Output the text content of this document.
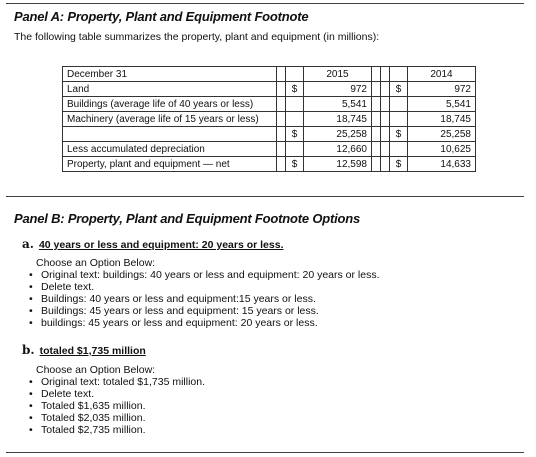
Panel A: Property, Plant and Equipment Footnote
The following table summarizes the property, plant and equipment (in millions):
December 31			2015				2014
Land		$	972			$	972
Buildings (average life of 40 years or less)			5,541				5,541
Machinery (average life of 15 years or less)			18,745				18,745
		$	25,258			$	25,258
Less accumulated depreciation			12,660				10,625
Property, plant and equipment — net		$	12,598			$	14,633
Panel B: Property, Plant and Equipment Footnote Options
a. 40 years or less and equipment: 20 years or less.
Choose an Option Below:
• Original text: buildings: 40 years or less and equipment: 20 years or less.
• Delete text.
• Buildings: 40 years or less and equipment:15 years or less.
• Buildings: 45 years or less and equipment: 15 years or less.
• buildings: 45 years or less and equipment: 20 years or less.
b. totaled $1,735 million
Choose an Option Below:
• Original text: totaled $1,735 million.
• Delete text.
• Totaled $1,635 million.
• Totaled $2,035 million.
• Totaled $2,735 million.
